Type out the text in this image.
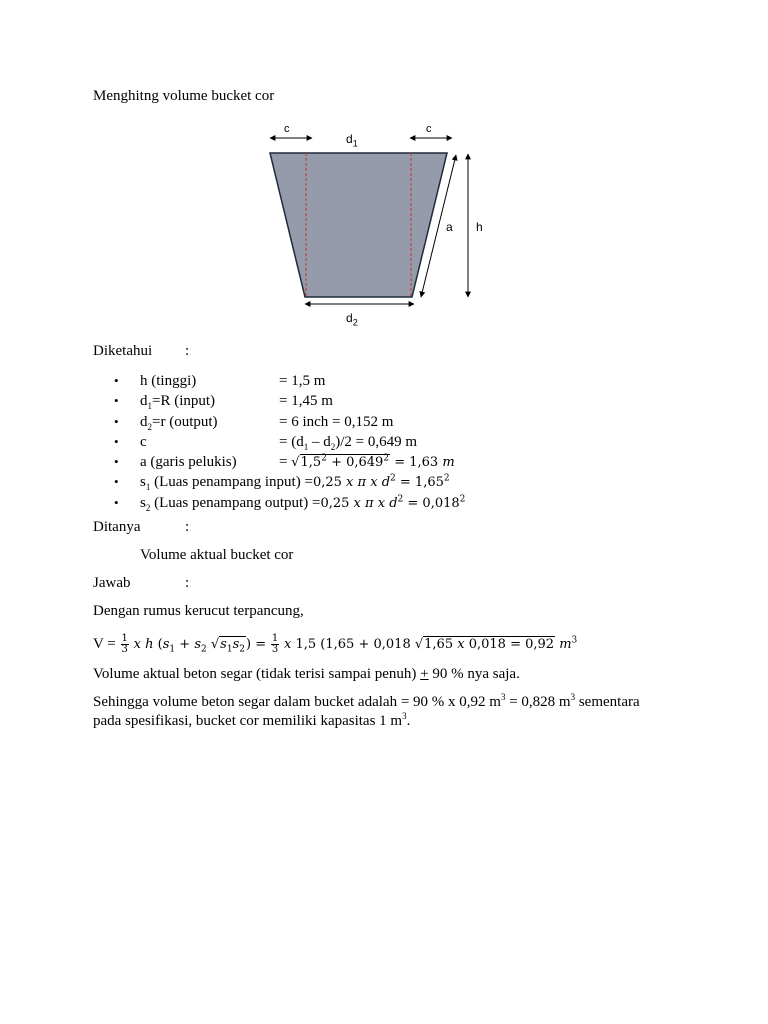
Menghitng volume bucket cor
c	c
$d_1$
a h
$d_2$
Diketahui :
• h (tinggi)	= 1,5 m
• $d_1=R$ (input)	= 1,45 m
• $d_2=r$ (output)	= 6 inch = 0,152 m
• c	= $(d_1 - d_2)/2 = 0,649$ m
• a (garis pelukis)	= $√1,5^2 + 0,649^2 = 1,63$ m
• $s_1$ (Luas penampang input) =0,25 x π x $d^2 = 1,65^2$
• $s_2$ (Luas penampang output) =0,25 x π x $d^2 = 0,018^2$
Ditanya	:
Volume aktual bucket cor
Jawab	:
Dengan rumus kerucut terpancung,
$V = \frac{1}{3}$ x h ($s_1 + s_2$ $√s_1s_2) = \frac{1}{3}$ x 1,5 (1,65 + 0,018 √1,65 x 0,018 = 0,92 $m^3$
Volume aktual beton segar (tidak terisi sampai penuh) + 90 % nya saja.
Sehingga volume beton segar dalam bucket adalah = 90 % x 0,92 $m^3 = 0,828$ $m^3$ sementara
pada spesifikasi, bucket cor memiliki kapasitas 1 $m^3$.
